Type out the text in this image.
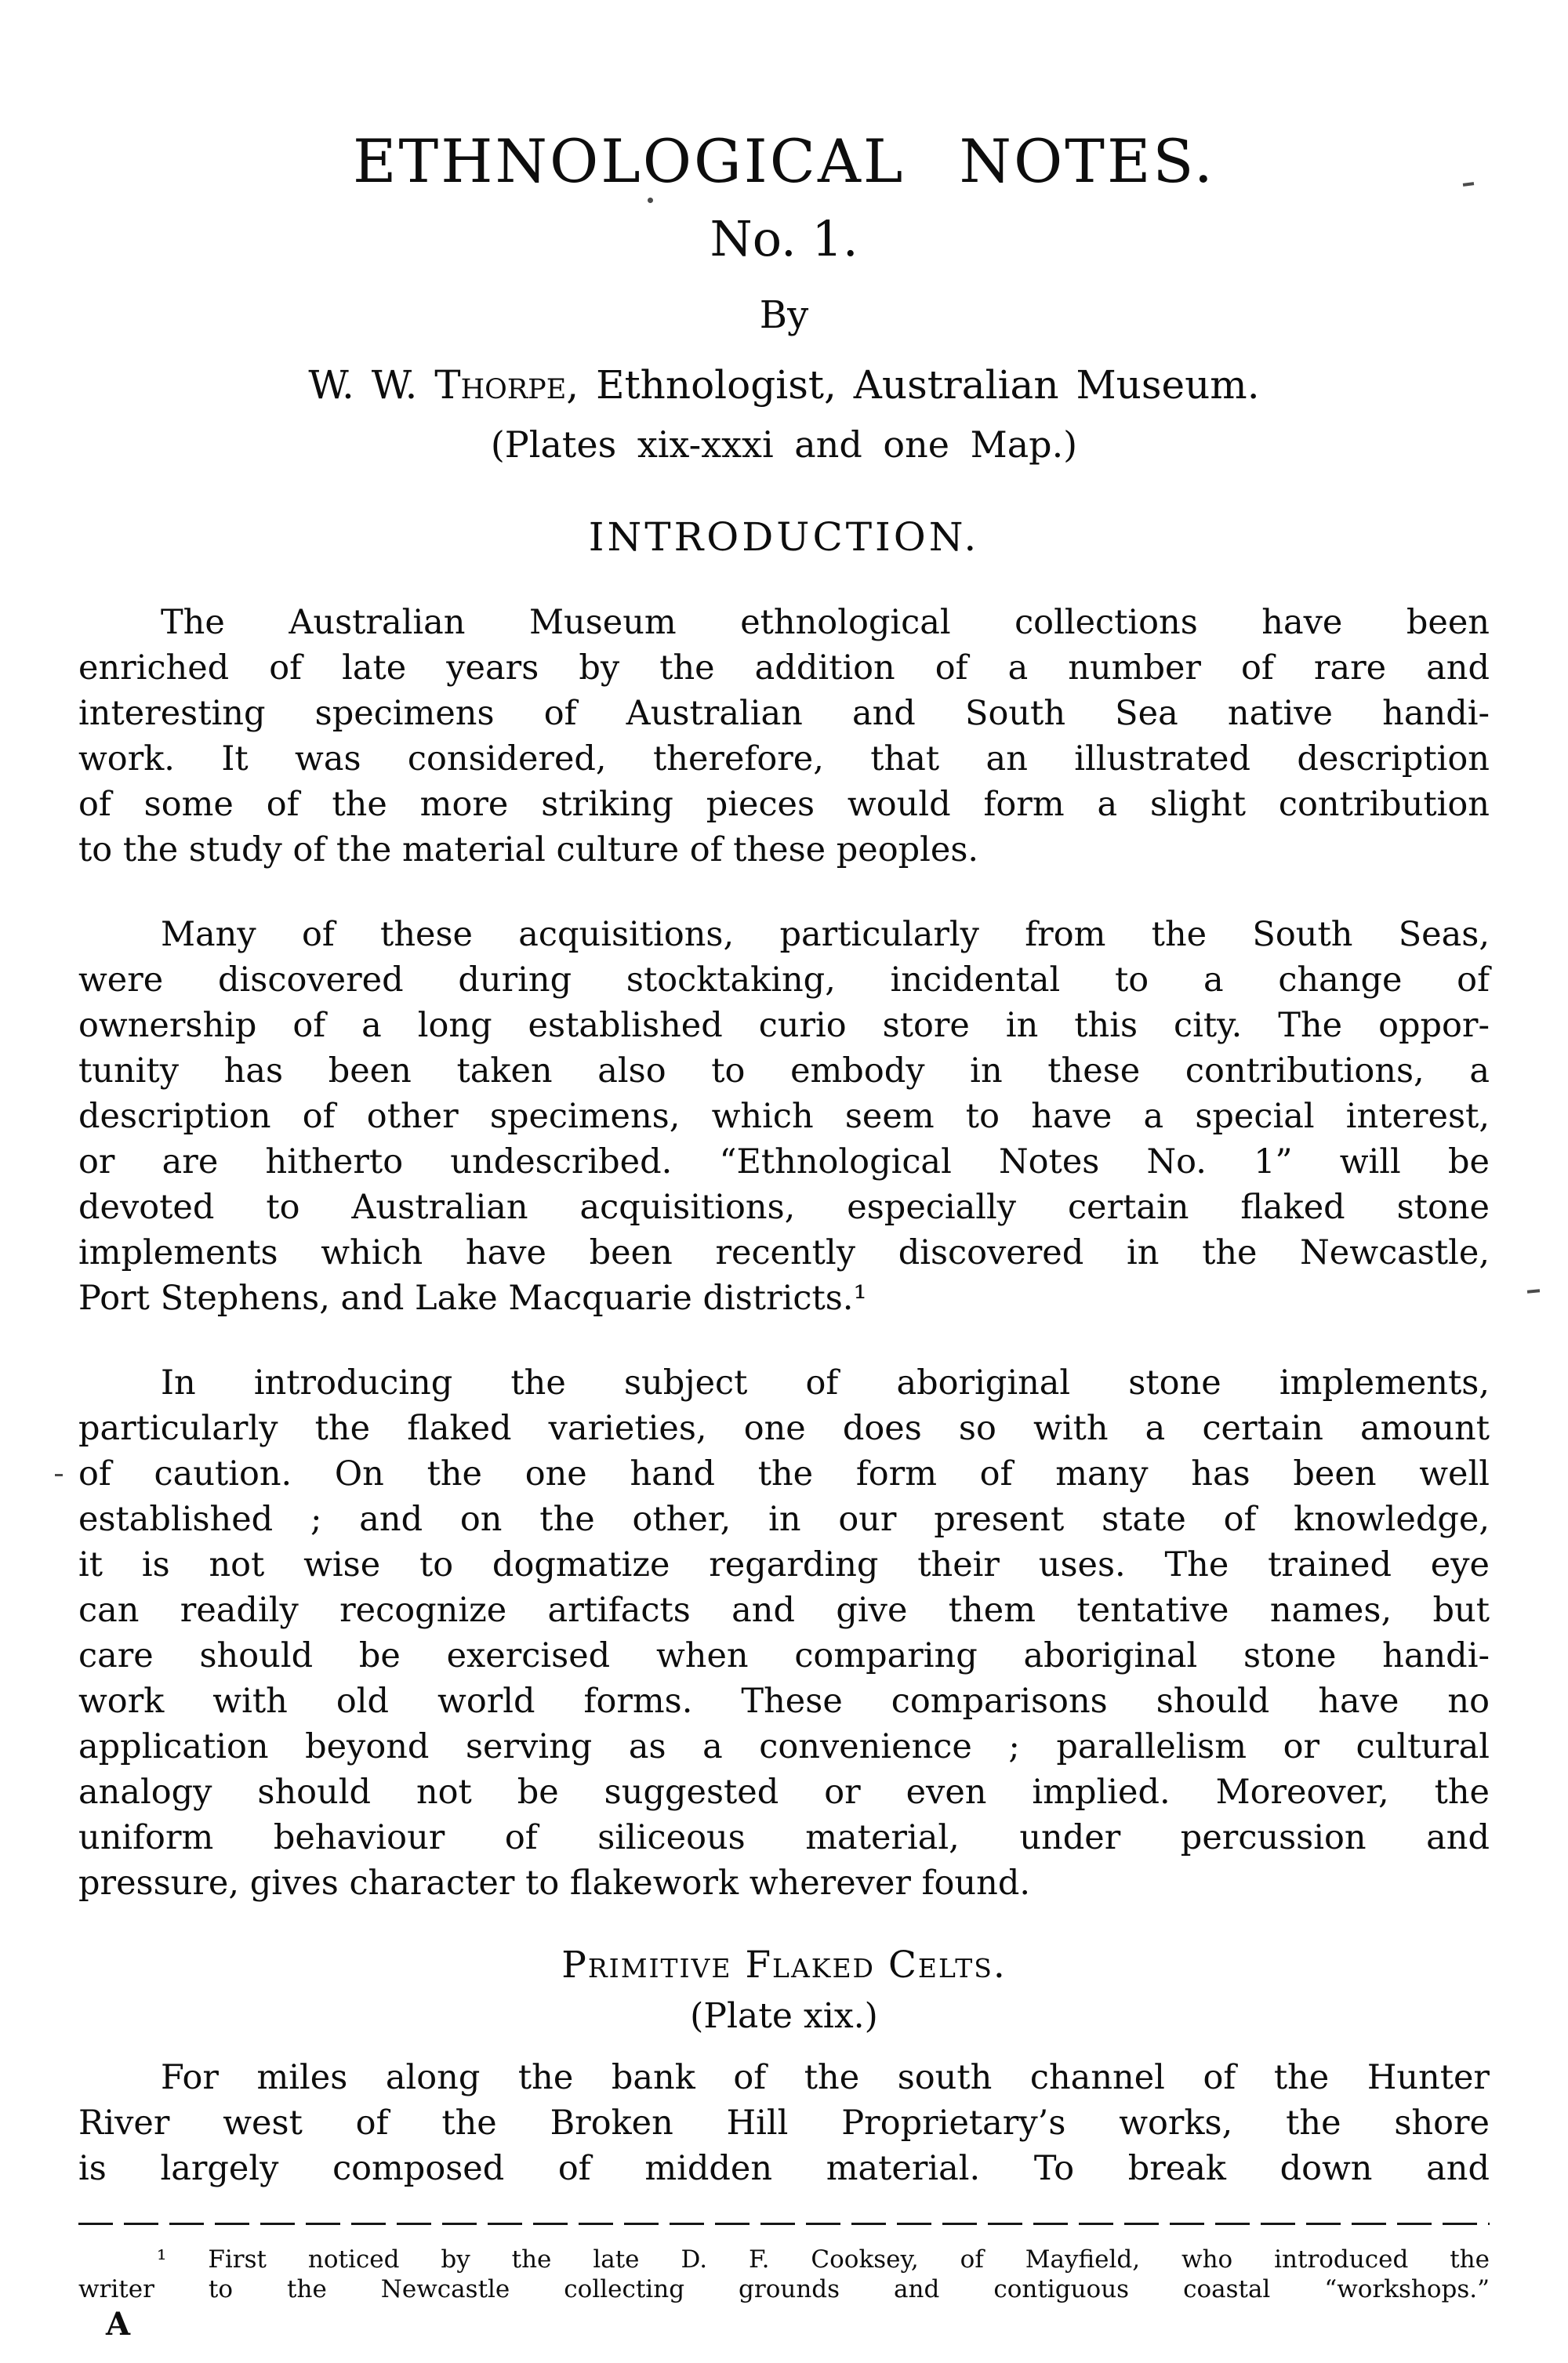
ETHNOLOGICAL NOTES.
No. 1.
By
W. W. Thorpe, Ethnologist, Australian Museum.
(Plates xix-xxxi and one Map.)
INTRODUCTION.
The Australian Museum ethnological collections have been
enriched of late years by the addition of a number of rare and
interesting specimens of Australian and South Sea native handi-
work. It was considered, therefore, that an illustrated description
of some of the more striking pieces would form a slight contribution
to the study of the material culture of these peoples.
Many of these acquisitions, particularly from the South Seas,
were discovered during stocktaking, incidental to a change of
ownership of a long established curio store in this city. The oppor-
tunity has been taken also to embody in these contributions, a
description of other specimens, which seem to have a special interest,
or are hitherto undescribed. “Ethnological Notes No. 1” will be
devoted to Australian acquisitions, especially certain flaked stone
implements which have been recently discovered in the Newcastle,
Port Stephens, and Lake Macquarie districts.¹
In introducing the subject of aboriginal stone implements,
particularly the flaked varieties, one does so with a certain amount
of caution. On the one hand the form of many has been well
established ; and on the other, in our present state of knowledge,
it is not wise to dogmatize regarding their uses. The trained eye
can readily recognize artifacts and give them tentative names, but
care should be exercised when comparing aboriginal stone handi-
work with old world forms. These comparisons should have no
application beyond serving as a convenience ; parallelism or cultural
analogy should not be suggested or even implied. Moreover, the
uniform behaviour of siliceous material, under percussion and
pressure, gives character to flakework wherever found.
Primitive Flaked Celts.
(Plate xix.)
For miles along the bank of the south channel of the Hunter
River west of the Broken Hill Proprietary’s works, the shore
is largely composed of midden material. To break down and
¹ First noticed by the late D. F. Cooksey, of Mayfield, who introduced the
writer to the Newcastle collecting grounds and contiguous coastal “workshops.”
A
